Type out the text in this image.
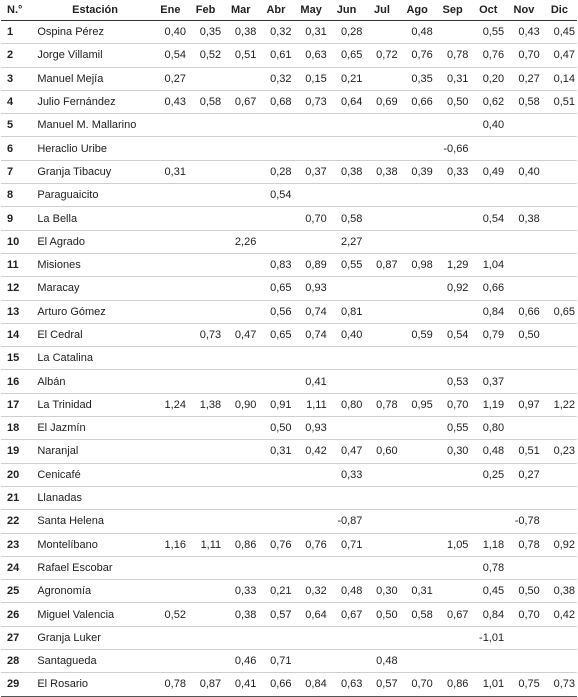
N.°	Estación	Ene	Feb	Mar	Abr	May	Jun	Jul	Ago	Sep	Oct	Nov	Dic
1	Ospina Pérez	0,40	0,35	0,38	0,32	0,31	0,28		0,48		0,55	0,43	0,45
2	Jorge Villamil	0,54	0,52	0,51	0,61	0,63	0,65	0,72	0,76	0,78	0,76	0,70	0,47
3	Manuel Mejía	0,27			0,32	0,15	0,21		0,35	0,31	0,20	0,27	0,14
4	Julio Fernández	0,43	0,58	0,67	0,68	0,73	0,64	0,69	0,66	0,50	0,62	0,58	0,51
5	Manuel M. Mallarino										0,40		
6	Heraclio Uribe									-0,66			
7	Granja Tibacuy	0,31			0,28	0,37	0,38	0,38	0,39	0,33	0,49	0,40	
8	Paraguaicito				0,54								
9	La Bella					0,70	0,58				0,54	0,38	
10	El Agrado			2,26			2,27						
11	Misiones				0,83	0,89	0,55	0,87	0,98	1,29	1,04		
12	Maracay				0,65	0,93				0,92	0,66		
13	Arturo Gómez				0,56	0,74	0,81				0,84	0,66	0,65
14	El Cedral		0,73	0,47	0,65	0,74	0,40		0,59	0,54	0,79	0,50	
15	La Catalina												
16	Albán					0,41				0,53	0,37		
17	La Trinidad	1,24	1,38	0,90	0,91	1,11	0,80	0,78	0,95	0,70	1,19	0,97	1,22
18	El Jazmín				0,50	0,93				0,55	0,80		
19	Naranjal				0,31	0,42	0,47	0,60		0,30	0,48	0,51	0,23
20	Cenicafé						0,33				0,25	0,27	
21	Llanadas												
22	Santa Helena						-0,87					-0,78	
23	Montelíbano	1,16	1,11	0,86	0,76	0,76	0,71			1,05	1,18	0,78	0,92
24	Rafael Escobar										0,78		
25	Agronomía			0,33	0,21	0,32	0,48	0,30	0,31		0,45	0,50	0,38
26	Miguel Valencia	0,52		0,38	0,57	0,64	0,67	0,50	0,58	0,67	0,84	0,70	0,42
27	Granja Luker										-1,01		
28	Santagueda			0,46	0,71			0,48					
29	El Rosario	0,78	0,87	0,41	0,66	0,84	0,63	0,57	0,70	0,86	1,01	0,75	0,73
